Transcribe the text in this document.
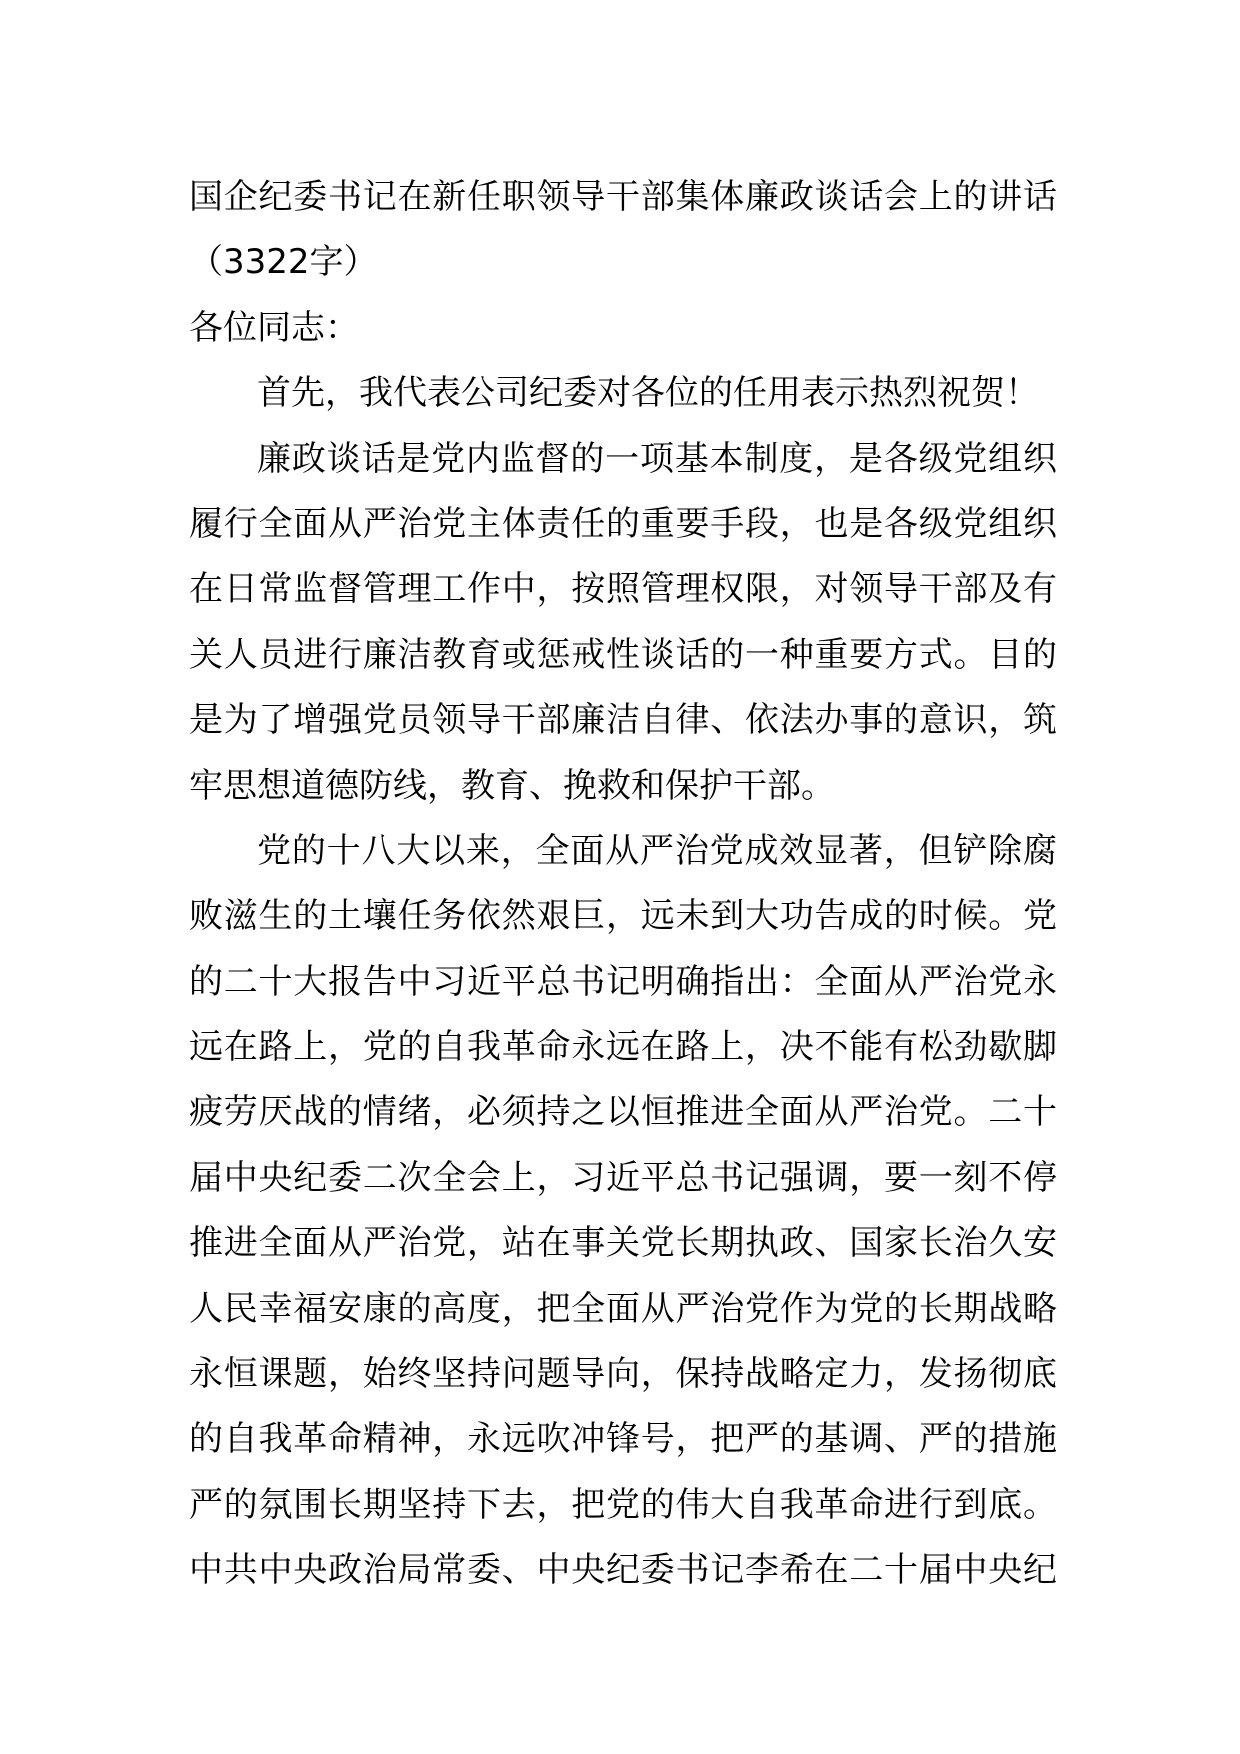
国企纪委书记在新任职领导干部集体廉政谈话会上的讲话
（3322字）
各位同志：
首先，我代表公司纪委对各位的任用表示热烈祝贺！
廉政谈话是党内监督的一项基本制度，是各级党组织
履行全面从严治党主体责任的重要手段，也是各级党组织
在日常监督管理工作中，按照管理权限，对领导干部及有
关人员进行廉洁教育或惩戒性谈话的一种重要方式。目的
是为了增强党员领导干部廉洁自律、依法办事的意识，筑
牢思想道德防线，教育、挽救和保护干部。
党的十八大以来，全面从严治党成效显著，但铲除腐
败滋生的土壤任务依然艰巨，远未到大功告成的时候。党
的二十大报告中习近平总书记明确指出：全面从严治党永
远在路上，党的自我革命永远在路上，决不能有松劲歇脚
疲劳厌战的情绪，必须持之以恒推进全面从严治党。二十
届中央纪委二次全会上，习近平总书记强调，要一刻不停
推进全面从严治党，站在事关党长期执政、国家长治久安
人民幸福安康的高度，把全面从严治党作为党的长期战略
永恒课题，始终坚持问题导向，保持战略定力，发扬彻底
的自我革命精神，永远吹冲锋号，把严的基调、严的措施
严的氛围长期坚持下去，把党的伟大自我革命进行到底。
中共中央政治局常委、中央纪委书记李希在二十届中央纪
